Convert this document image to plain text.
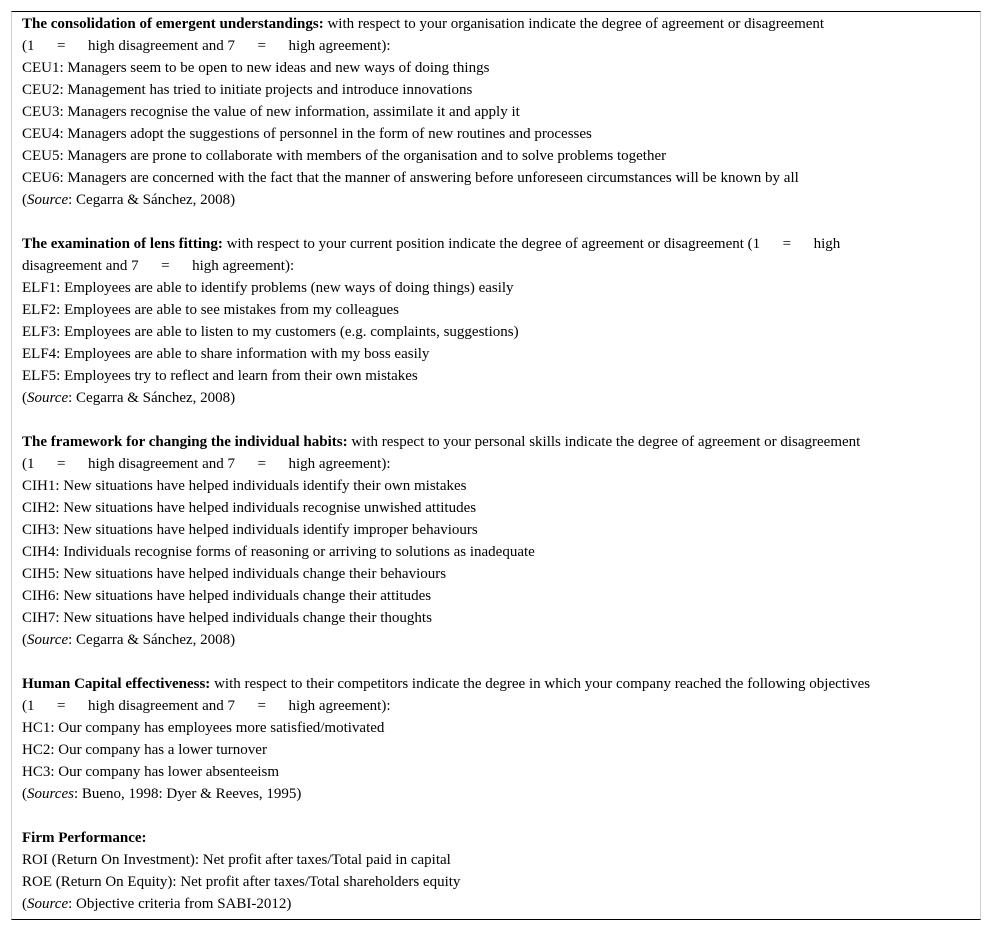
The consolidation of emergent understandings: with respect to your organisation indicate the degree of agreement or disagreement
(1   =   high disagreement and 7   =   high agreement):
CEU1: Managers seem to be open to new ideas and new ways of doing things
CEU2: Management has tried to initiate projects and introduce innovations
CEU3: Managers recognise the value of new information, assimilate it and apply it
CEU4: Managers adopt the suggestions of personnel in the form of new routines and processes
CEU5: Managers are prone to collaborate with members of the organisation and to solve problems together
CEU6: Managers are concerned with the fact that the manner of answering before unforeseen circumstances will be known by all
(Source: Cegarra & Sánchez, 2008)
The examination of lens fitting: with respect to your current position indicate the degree of agreement or disagreement (1   =   high
disagreement and 7   =   high agreement):
ELF1: Employees are able to identify problems (new ways of doing things) easily
ELF2: Employees are able to see mistakes from my colleagues
ELF3: Employees are able to listen to my customers (e.g. complaints, suggestions)
ELF4: Employees are able to share information with my boss easily
ELF5: Employees try to reflect and learn from their own mistakes
(Source: Cegarra & Sánchez, 2008)
The framework for changing the individual habits: with respect to your personal skills indicate the degree of agreement or disagreement
(1   =   high disagreement and 7   =   high agreement):
CIH1: New situations have helped individuals identify their own mistakes
CIH2: New situations have helped individuals recognise unwished attitudes
CIH3: New situations have helped individuals identify improper behaviours
CIH4: Individuals recognise forms of reasoning or arriving to solutions as inadequate
CIH5: New situations have helped individuals change their behaviours
CIH6: New situations have helped individuals change their attitudes
CIH7: New situations have helped individuals change their thoughts
(Source: Cegarra & Sánchez, 2008)
Human Capital effectiveness: with respect to their competitors indicate the degree in which your company reached the following objectives
(1   =   high disagreement and 7   =   high agreement):
HC1: Our company has employees more satisfied/motivated
HC2: Our company has a lower turnover
HC3: Our company has lower absenteeism
(Sources: Bueno, 1998: Dyer & Reeves, 1995)
Firm Performance:
ROI (Return On Investment): Net profit after taxes/Total paid in capital
ROE (Return On Equity): Net profit after taxes/Total shareholders equity
(Source: Objective criteria from SABI-2012)
